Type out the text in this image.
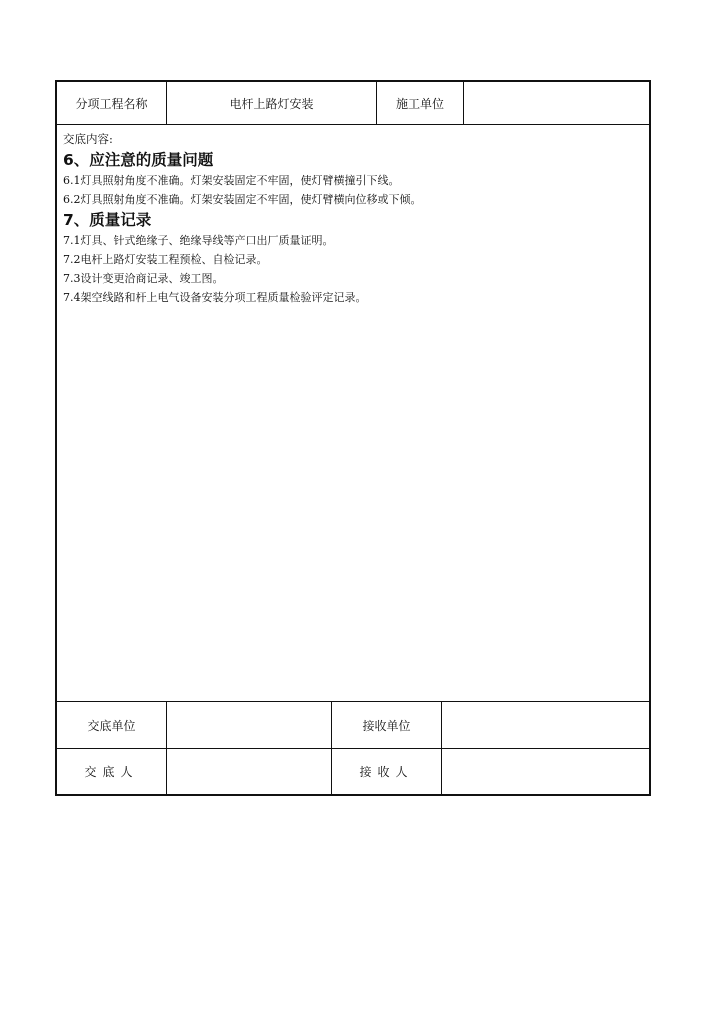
分项工程名称	电杆上路灯安装	施工单位

交底内容:

6、应注意的质量问题

6.1灯具照射角度不准确。灯架安装固定不牢固，使灯臂横撞引下线。

6.2灯具照射角度不准确。灯架安装固定不牢固，使灯臂横向位移或下倾。

7、质量记录

7.1灯具、针式绝缘子、绝缘导线等产口出厂质量证明。

7.2电杆上路灯安装工程预检、自检记录。

7.3设计变更洽商记录、竣工图。

7.4架空线路和杆上电气设备安装分项工程质量检验评定记录。

交底单位	接收单位
交底人	接收人
